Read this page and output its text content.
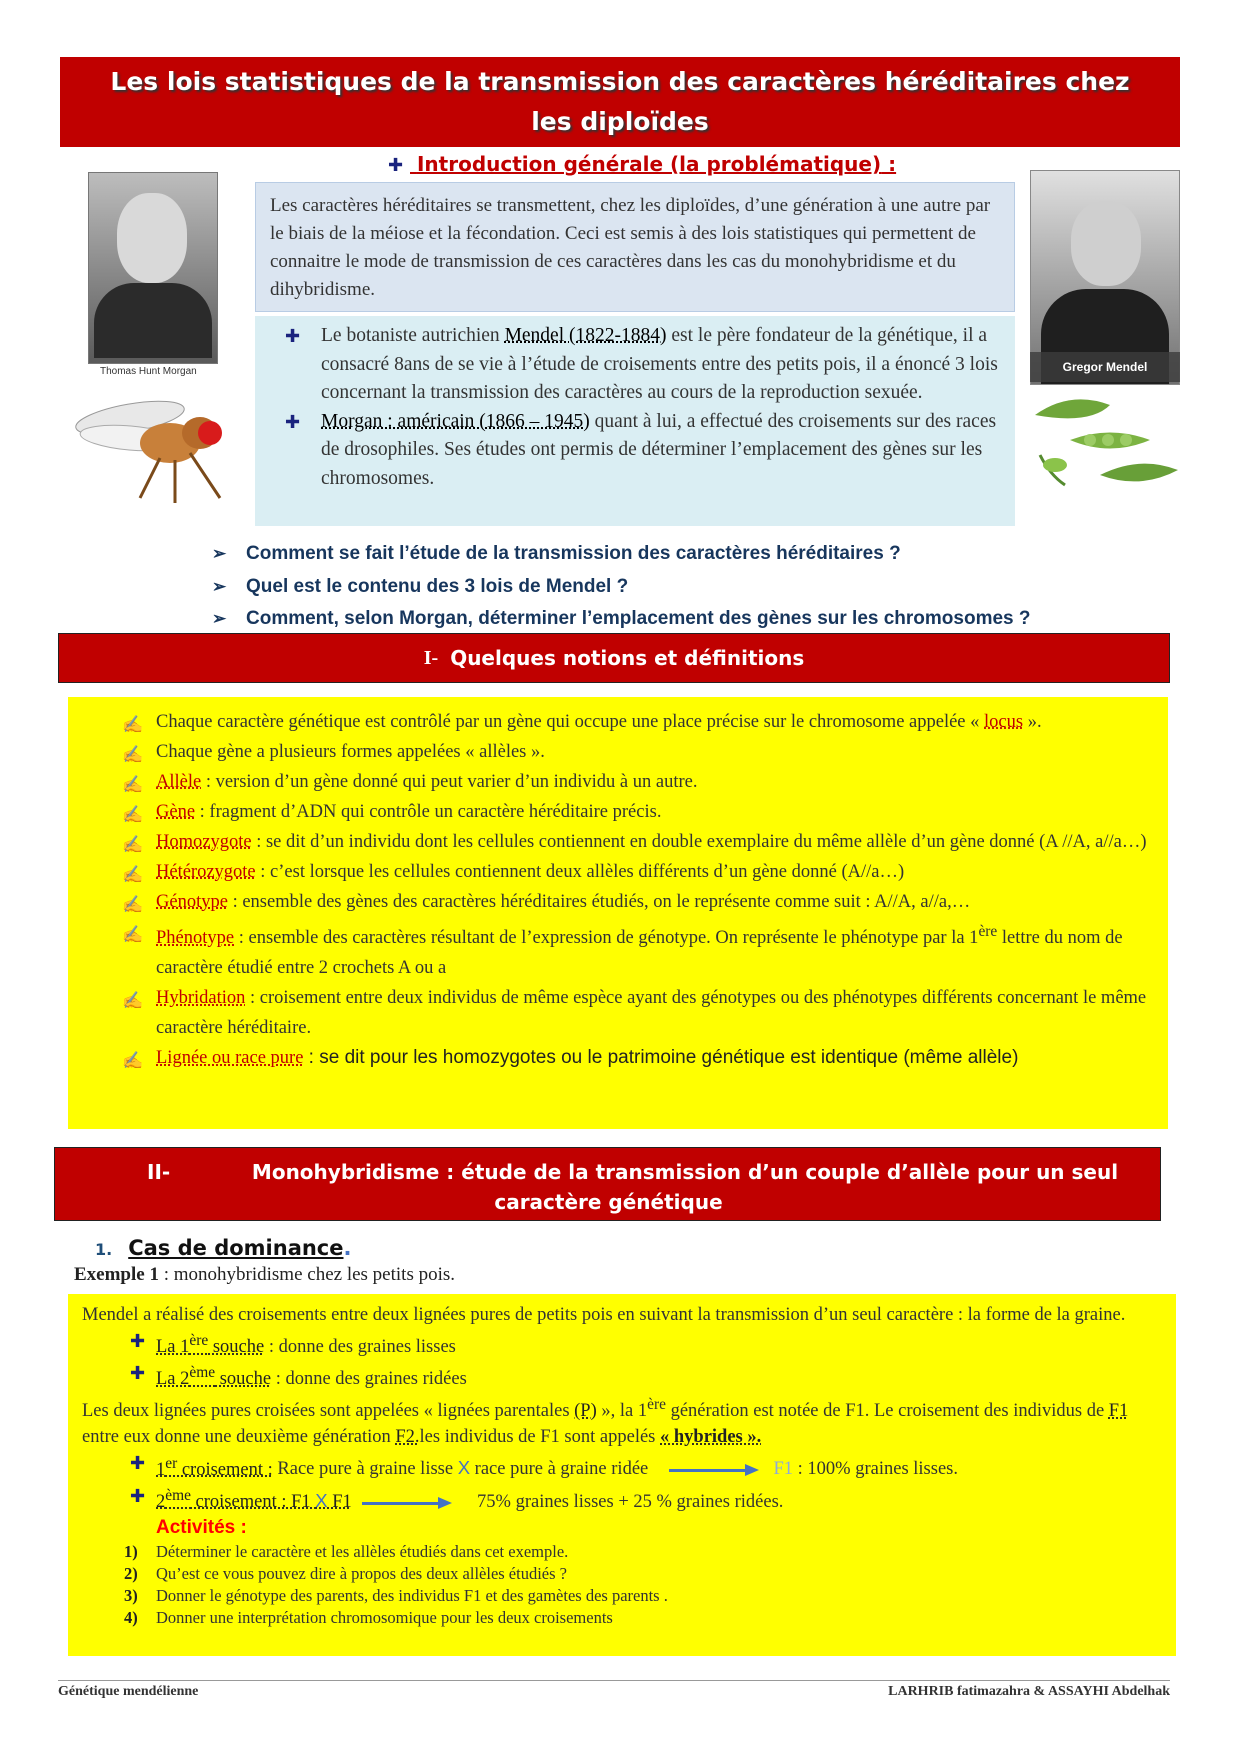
Les lois statistiques de la transmission des caractères héréditaires chez les diploïdes
✚ Introduction générale (la problématique) :
Thomas Hunt Morgan	Gregor Mendel

Les caractères héréditaires se transmettent, chez les diploïdes, d’une génération à une autre par le biais de la méiose et la fécondation. Ceci est semis à des lois statistiques qui permettent de connaitre le mode de transmission de ces caractères dans les cas du monohybridisme et du dihybridisme.

✚	Le botaniste autrichien Mendel (1822-1884) est le père fondateur de la génétique, il a consacré 8ans de se vie à l’étude de croisements entre des petits pois, il a énoncé 3 lois concernant la transmission des caractères au cours de la reproduction sexuée.
✚	Morgan : américain (1866 – 1945) quant à lui, a effectué des croisements sur des races de drosophiles. Ses études ont permis de déterminer l’emplacement des gènes sur les chromosomes.
➢ Comment se fait l’étude de la transmission des caractères héréditaires ?
➢ Quel est le contenu des 3 lois de Mendel ?
➢ Comment, selon Morgan, déterminer l’emplacement des gènes sur les chromosomes ?
I- Quelques notions et définitions
✍ Chaque caractère génétique est contrôlé par un gène qui occupe une place précise sur le chromosome appelée « locus ».
✍ Chaque gène a plusieurs formes appelées « allèles ».
✍ Allèle : version d’un gène donné qui peut varier d’un individu à un autre.
✍ Gène : fragment d’ADN qui contrôle un caractère héréditaire précis.
✍ Homozygote : se dit d’un individu dont les cellules contiennent en double exemplaire du même allèle d’un gène donné (A //A, a//a…)
✍ Hétérozygote : c’est lorsque les cellules contiennent deux allèles différents d’un gène donné (A//a…)
✍ Génotype : ensemble des gènes des caractères héréditaires étudiés, on le représente comme suit : A//A, a//a,…
✍ Phénotype : ensemble des caractères résultant de l’expression de génotype. On représente le phénotype par la 1ère lettre du nom de caractère étudié entre 2 crochets A ou a
✍ Hybridation : croisement entre deux individus de même espèce ayant des génotypes ou des phénotypes différents concernant le même caractère héréditaire.
✍ Lignée ou race pure : se dit pour les homozygotes ou le patrimoine génétique est identique (même allèle)
II-	Monohybridisme : étude de la transmission d’un couple d’allèle pour un seul
caractère génétique
1. Cas de dominance.
Exemple 1 : monohybridisme chez les petits pois.
Mendel a réalisé des croisements entre deux lignées pures de petits pois en suivant la transmission d’un seul caractère : la forme de la graine.
✚ La 1ère souche : donne des graines lisses
✚ La 2ème souche : donne des graines ridées
Les deux lignées pures croisées sont appelées « lignées parentales (P) », la 1ère génération est notée de F1. Le croisement des individus de F1 entre eux donne une deuxième génération F2.les individus de F1 sont appelés « hybrides ».
✚ 1er croisement : Race pure à graine lisse X race pure à graine ridée	F1 : 100% graines lisses.
✚ 2ème croisement : F1 X F1	75% graines lisses + 25 % graines ridées.
Activités :
1) Déterminer le caractère et les allèles étudiés dans cet exemple.
2) Qu’est ce vous pouvez dire à propos des deux allèles étudiés ?
3) Donner le génotype des parents, des individus F1 et des gamètes des parents .
4) Donner une interprétation chromosomique pour les deux croisements
Génétique mendélienne	LARHRIB fatimazahra & ASSAYHI Abdelhak
